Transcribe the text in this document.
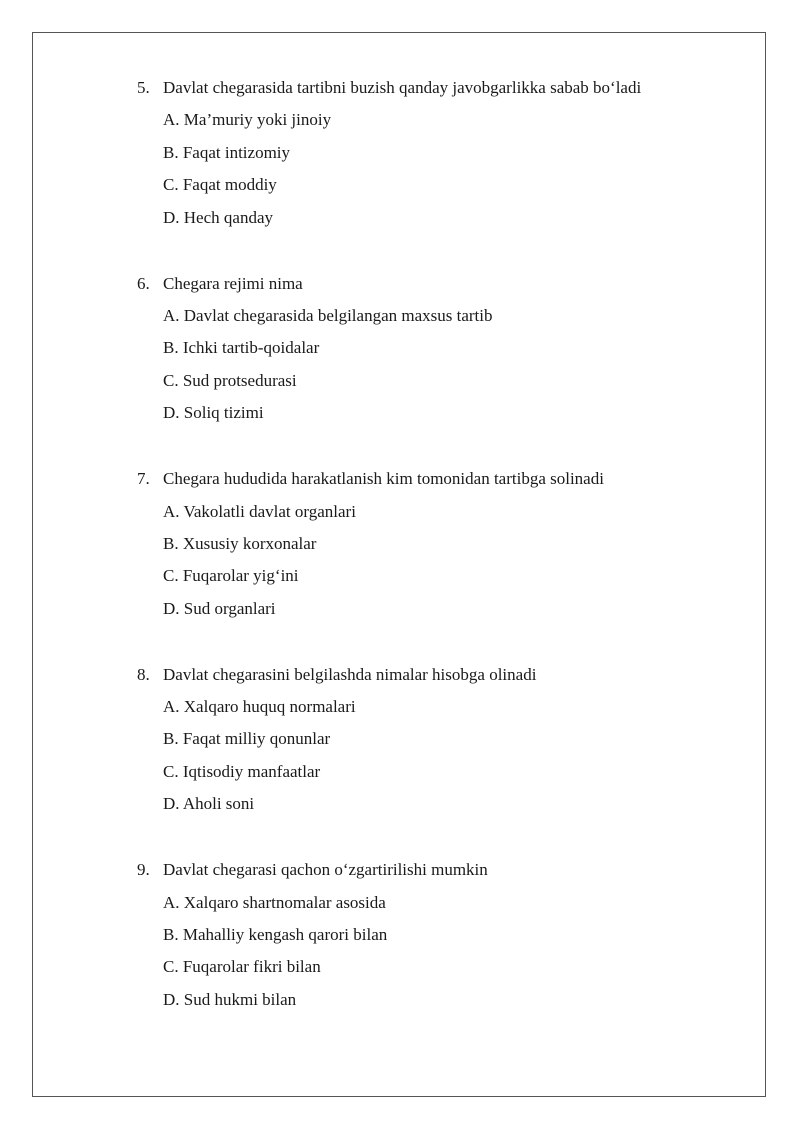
5. Davlat chegarasida tartibni buzish qanday javobgarlikka sabab bo‘ladi
A. Ma’muriy yoki jinoiy
B. Faqat intizomiy
C. Faqat moddiy
D. Hech qanday
6. Chegara rejimi nima
A. Davlat chegarasida belgilangan maxsus tartib
B. Ichki tartib-qoidalar
C. Sud protsedurasi
D. Soliq tizimi
7. Chegara hududida harakatlanish kim tomonidan tartibga solinadi
A. Vakolatli davlat organlari
B. Xususiy korxonalar
C. Fuqarolar yig‘ini
D. Sud organlari
8. Davlat chegarasini belgilashda nimalar hisobga olinadi
A. Xalqaro huquq normalari
B. Faqat milliy qonunlar
C. Iqtisodiy manfaatlar
D. Aholi soni
9. Davlat chegarasi qachon o‘zgartirilishi mumkin
A. Xalqaro shartnomalar asosida
B. Mahalliy kengash qarori bilan
C. Fuqarolar fikri bilan
D. Sud hukmi bilan
